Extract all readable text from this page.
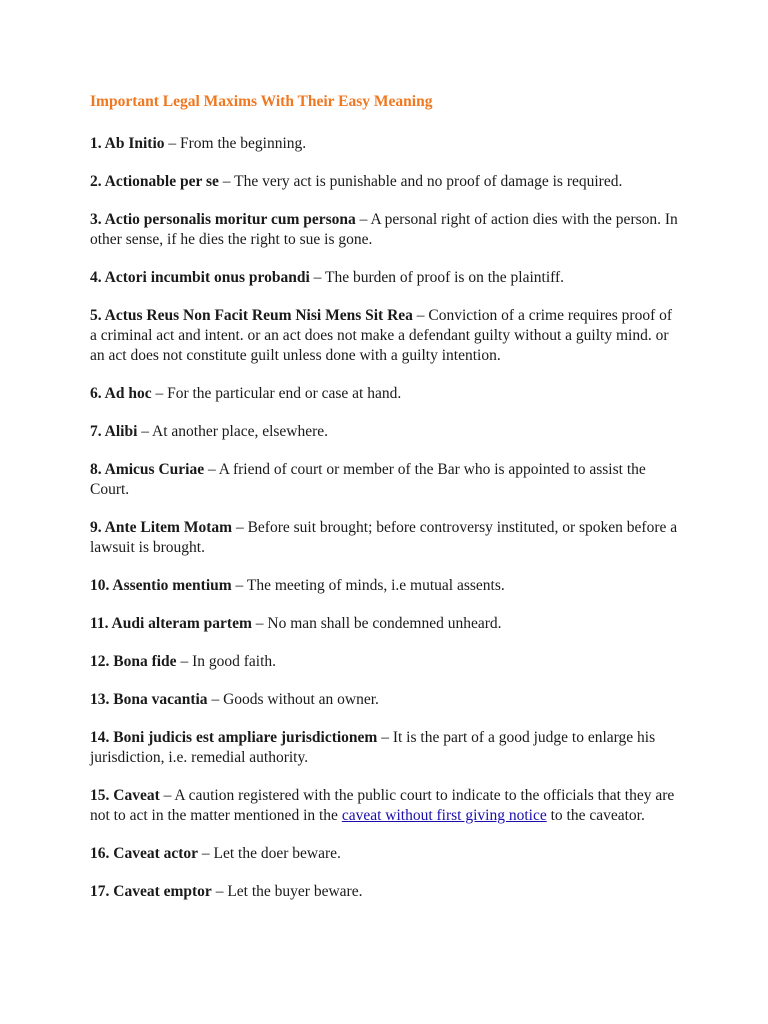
Important Legal Maxims With Their Easy Meaning
1. Ab Initio – From the beginning.
2. Actionable per se – The very act is punishable and no proof of damage is required.
3. Actio personalis moritur cum persona – A personal right of action dies with the person. In other sense, if he dies the right to sue is gone.
4. Actori incumbit onus probandi – The burden of proof is on the plaintiff.
5. Actus Reus Non Facit Reum Nisi Mens Sit Rea – Conviction of a crime requires proof of a criminal act and intent. or an act does not make a defendant guilty without a guilty mind. or an act does not constitute guilt unless done with a guilty intention.
6. Ad hoc – For the particular end or case at hand.
7. Alibi – At another place, elsewhere.
8. Amicus Curiae – A friend of court or member of the Bar who is appointed to assist the Court.
9. Ante Litem Motam – Before suit brought; before controversy instituted, or spoken before a lawsuit is brought.
10. Assentio mentium – The meeting of minds, i.e mutual assents.
11. Audi alteram partem – No man shall be condemned unheard.
12. Bona fide – In good faith.
13. Bona vacantia – Goods without an owner.
14. Boni judicis est ampliare jurisdictionem – It is the part of a good judge to enlarge his jurisdiction, i.e. remedial authority.
15. Caveat – A caution registered with the public court to indicate to the officials that they are not to act in the matter mentioned in the caveat without first giving notice to the caveator.
16. Caveat actor – Let the doer beware.
17. Caveat emptor – Let the buyer beware.
